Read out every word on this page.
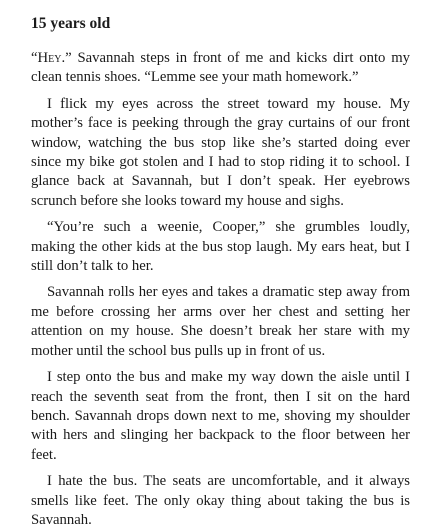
15 years old

“Hey.” Savannah steps in front of me and kicks dirt onto my clean tennis shoes. “Lemme see your math homework.”

I flick my eyes across the street toward my house. My mother’s face is peeking through the gray curtains of our front window, watching the bus stop like she’s started doing ever since my bike got stolen and I had to stop riding it to school. I glance back at Savannah, but I don’t speak. Her eyebrows scrunch before she looks toward my house and sighs.

“You’re such a weenie, Cooper,” she grumbles loudly, making the other kids at the bus stop laugh. My ears heat, but I still don’t talk to her.

Savannah rolls her eyes and takes a dramatic step away from me before crossing her arms over her chest and setting her attention on my house. She doesn’t break her stare with my mother until the school bus pulls up in front of us.

I step onto the bus and make my way down the aisle until I reach the seventh seat from the front, then I sit on the hard bench. Savannah drops down next to me, shoving my shoulder with hers and slinging her backpack to the floor between her feet.

I hate the bus. The seats are uncomfortable, and it always smells like feet. The only okay thing about taking the bus is Savannah.
